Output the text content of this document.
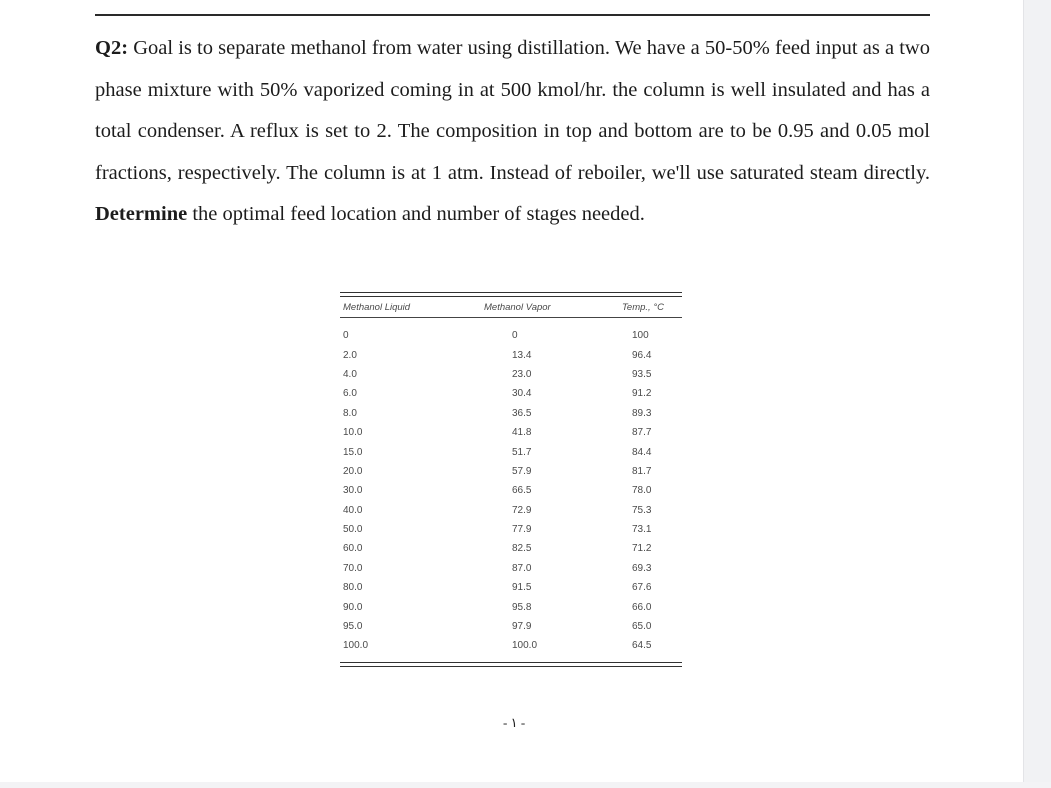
Q2: Goal is to separate methanol from water using distillation. We have a 50-50% feed input as a two phase mixture with 50% vaporized coming in at 500 kmol/hr. the column is well insulated and has a total condenser. A reflux is set to 2. The composition in top and bottom are to be 0.95 and 0.05 mol fractions, respectively. The column is at 1 atm. Instead of reboiler, we'll use saturated steam directly. Determine the optimal feed location and number of stages needed.

Methanol Liquid	Methanol Vapor	Temp., °C
0	0	100
2.0	13.4	96.4
4.0	23.0	93.5
6.0	30.4	91.2
8.0	36.5	89.3
10.0	41.8	87.7
15.0	51.7	84.4
20.0	57.9	81.7
30.0	66.5	78.0
40.0	72.9	75.3
50.0	77.9	73.1
60.0	82.5	71.2
70.0	87.0	69.3
80.0	91.5	67.6
90.0	95.8	66.0
95.0	97.9	65.0
100.0	100.0	64.5
- ١ -
